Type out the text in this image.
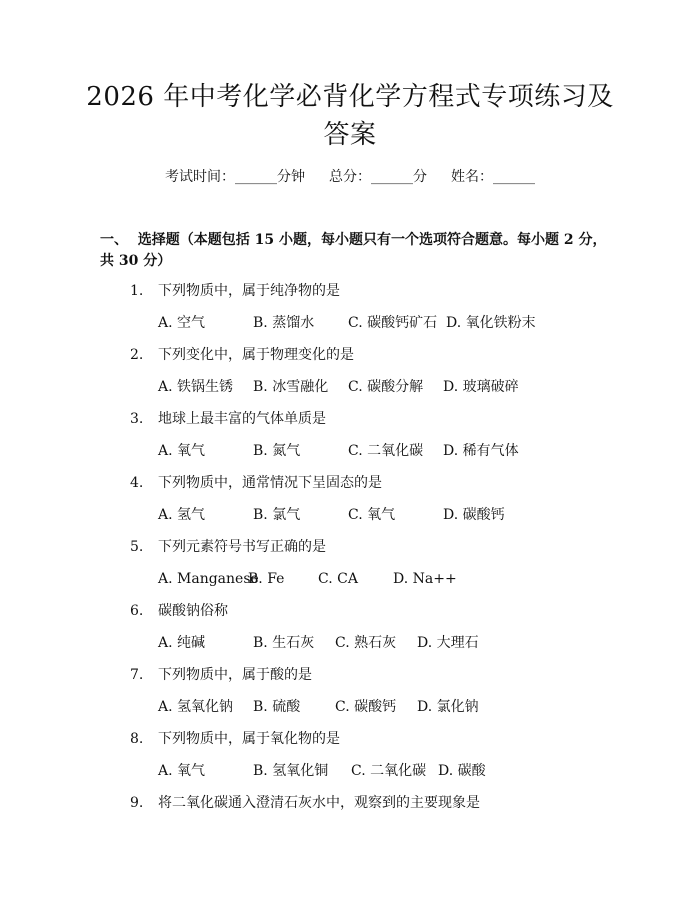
2026 年中考化学必背化学方程式专项练习及
答案
考试时间：______分钟 总分：______分 姓名：______
一、  选择题（本题包括 15 小题，每小题只有一个选项符合题意。每小题 2 分，
共 30 分）
1. 下列物质中，属于纯净物的是
A. 空气	B. 蒸馏水 C. 碳酸钙矿石 D. 氧化铁粉末
2. 下列变化中，属于物理变化的是
A. 铁锅生锈 B. 冰雪融化 C. 碳酸分解 D. 玻璃破碎
3. 地球上最丰富的气体单质是
A. 氧气	B. 氮气	C. 二氧化碳 D. 稀有气体
4. 下列物质中，通常情况下呈固态的是
A. 氢气	B. 氯气	C. 氧气	D. 碳酸钙
5. 下列元素符号书写正确的是
A. ManganeseB. Fe C. CA	D. Na++
6. 碳酸钠俗称
A. 纯碱	B. 生石灰 C. 熟石灰 D. 大理石
7. 下列物质中，属于酸的是
A. 氢氧化钠 B. 硫酸 C. 碳酸钙 D. 氯化钠
8. 下列物质中，属于氧化物的是
A. 氧气	B. 氢氧化铜 C. 二氧化碳 D. 碳酸
9. 将二氧化碳通入澄清石灰水中，观察到的主要现象是
